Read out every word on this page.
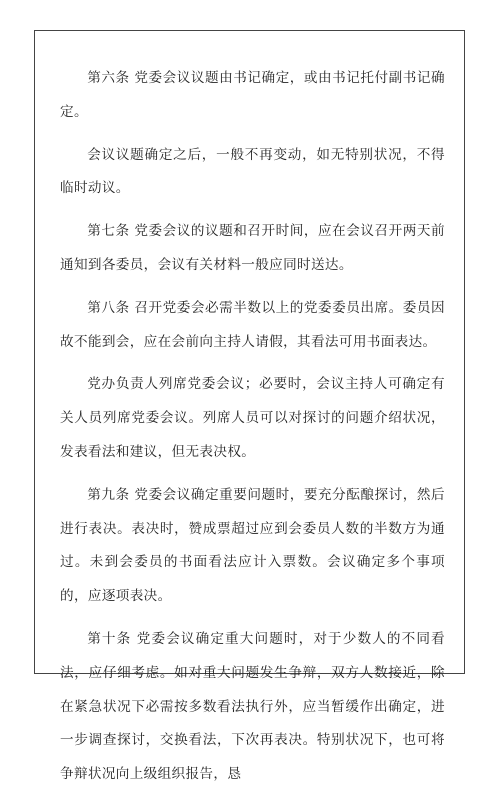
第六条 党委会议议题由书记确定，或由书记托付副书记确定。

会议议题确定之后，一般不再变动，如无特别状况，不得临时动议。

第七条 党委会议的议题和召开时间，应在会议召开两天前通知到各委员，会议有关材料一般应同时送达。

第八条 召开党委会必需半数以上的党委委员出席。委员因故不能到会，应在会前向主持人请假，其看法可用书面表达。

党办负责人列席党委会议；必要时，会议主持人可确定有关人员列席党委会议。列席人员可以对探讨的问题介绍状况，发表看法和建议，但无表决权。

第九条 党委会议确定重要问题时，要充分酝酿探讨，然后进行表决。表决时，赞成票超过应到会委员人数的半数方为通过。未到会委员的书面看法应计入票数。会议确定多个事项的，应逐项表决。

第十条 党委会议确定重大问题时，对于少数人的不同看法，应仔细考虑。如对重大问题发生争辩，双方人数接近，除在紧急状况下必需按多数看法执行外，应当暂缓作出确定，进一步调查探讨，交换看法，下次再表决。特别状况下，也可将争辩状况向上级组织报告，恳
